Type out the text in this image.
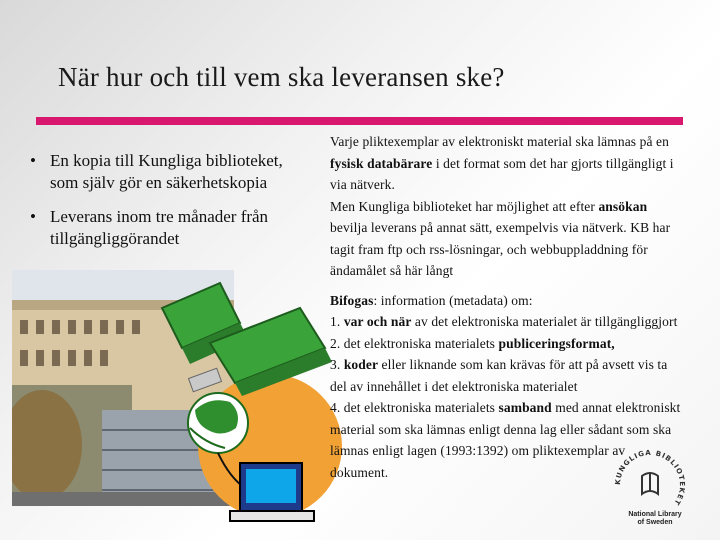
När hur och till vem ska leveransen ske?
• En kopia till Kungliga biblioteket, som själv gör en säkerhetskopia
• Leverans inom tre månader från tillgängliggörandet

Varje pliktexemplar av elektroniskt material ska lämnas på en fysisk databärare i det format som det har gjorts tillgängligt i via nätverk.

Men Kungliga biblioteket har möjlighet att efter ansökan bevilja leverans på annat sätt, exempelvis via nätverk. KB har tagit fram ftp och rss-lösningar, och webbuppladdning för ändamålet så här långt

Bifogas: information (metadata) om:

1. var och när av det elektroniska materialet är tillgängliggjort

2. det elektroniska materialets publiceringsformat,

3. koder eller liknande som kan krävas för att på avsett vis ta del av innehållet i det elektroniska materialet

4. det elektroniska materialets samband med annat elektroniskt material som ska lämnas enligt denna lag eller sådant som ska lämnas enligt lagen (1993:1392) om pliktexemplar av dokument.

KUNGLIGA BIBLIOTEKET
National Library
of Sweden
